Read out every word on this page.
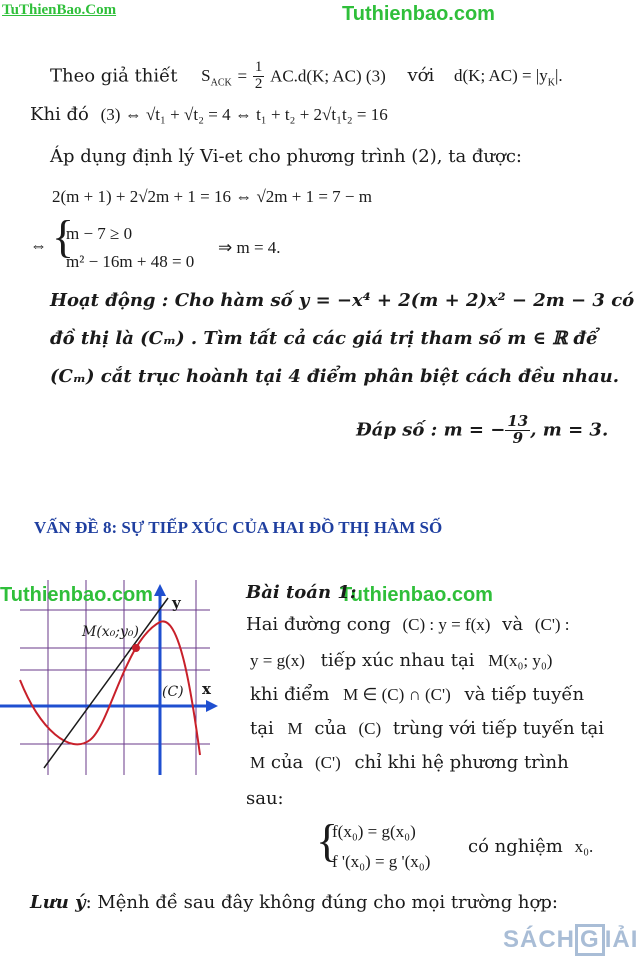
TuThienBao.Com
	Tuthienbao.com
Theo giả thiết $S_{ACK} = \frac{1}{2} AC.d(K$; AC) (3) với d(K; $AC) = |y_K|$.
Khi đó (3) ⇔ √t₁ + √t₂ = 4 ⇔ t₁ + t₂ + 2√t₁t₂ = 16
Áp dụng định lý Vi-et cho phương trình (2), ta được:
2(m + 1) + 2√2m + 1 = 16 ⇔ √2m + 1 = 7 − m
⇔ {
m − 7 ≥ 0
m² − 16m + 48 = 0
⇒ m = 4.
Hoạt động : Cho hàm số y = −x⁴ + 2(m + 2)x² − 2m − 3 có
đồ thị là (Cₘ) . Tìm tất cả các giá trị tham số m ∈ ℝ để
(Cₘ) cắt trục hoành tại 4 điểm phân biệt cách đều nhau.
Đáp số : m = − $\frac{13}{9}$ , m = 3.
VẤN ĐỀ 8: SỰ TIẾP XÚC CỦA HAI ĐỒ THỊ HÀM SỐ
M(x₀;y₀)
(C) x
y
Tuthienbao.com	Tuthienbao.com
Bài toán 1:
Hai đường cong (C) : y = f(x) và (C') :
y = g(x) tiếp xúc nhau tại M(x₀; y₀)
khi điểm M ∈ (C) ∩ (C') và tiếp tuyến
tại M của (C) trùng với tiếp tuyến tại
M của (C') chỉ khi hệ phương trình
sau:
{
f(x₀) = g(x₀)
f '(x₀) = g '(x₀)
có nghiệm x₀.
Lưu ý: Mệnh đề sau đây không đúng cho mọi trường hợp:
SÁCH G IẢI
